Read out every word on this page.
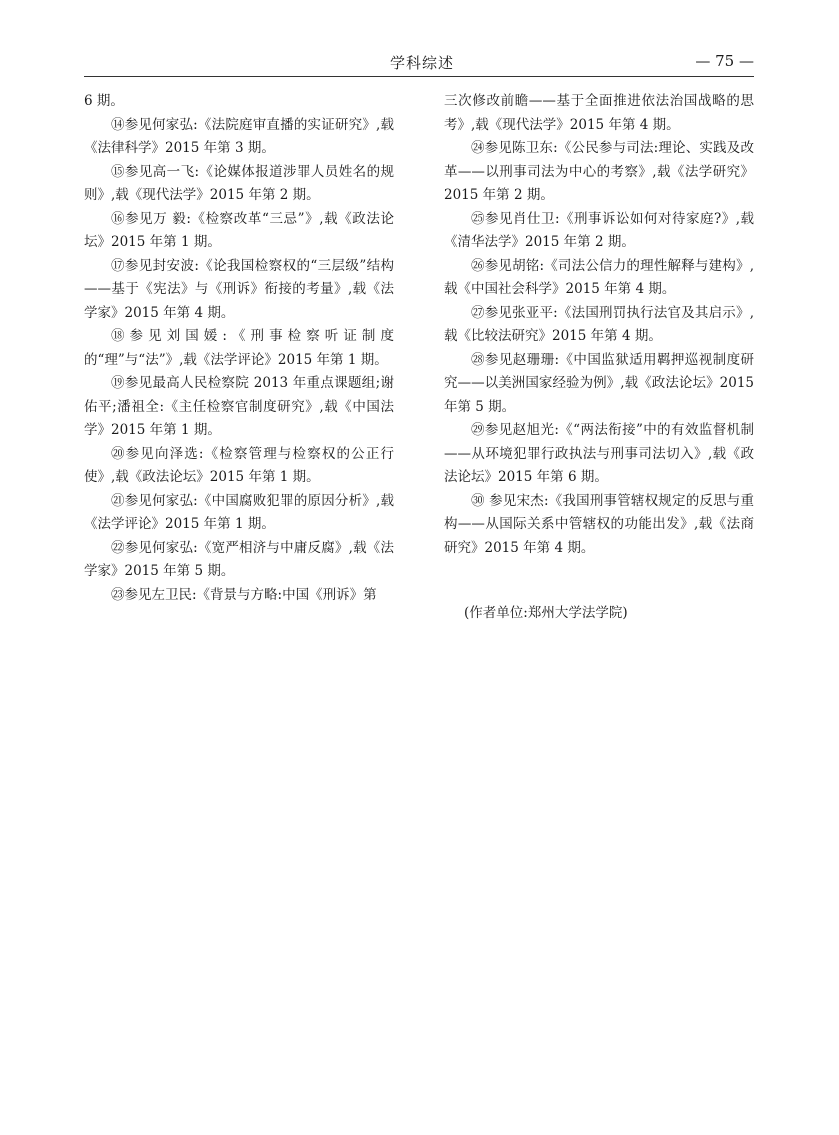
学科综述	— 75 —

6 期。

⑭参见何家弘:《法院庭审直播的实证研究》,载《法律科学》2015 年第 3 期。

⑮参见高一飞:《论媒体报道涉罪人员姓名的规则》,载《现代法学》2015 年第 2 期。

⑯参见万 毅:《检察改革“三忌”》,载《政法论坛》2015 年第 1 期。

⑰参见封安波:《论我国检察权的“三层级”结构——基于《宪法》与《刑诉》衔接的考量》,载《法学家》2015 年第 4 期。

⑱参见刘国媛:《刑事检察听证制度的“理”与“法”》,载《法学评论》2015 年第 1 期。

⑲参见最高人民检察院 2013 年重点课题组;谢佑平;潘祖全:《主任检察官制度研究》,载《中国法学》2015 年第 1 期。

⑳参见向泽选:《检察管理与检察权的公正行使》,载《政法论坛》2015 年第 1 期。

㉑参见何家弘:《中国腐败犯罪的原因分析》,载《法学评论》2015 年第 1 期。

㉒参见何家弘:《宽严相济与中庸反腐》,载《法学家》2015 年第 5 期。

㉓参见左卫民:《背景与方略:中国《刑诉》第

三次修改前瞻——基于全面推进依法治国战略的思考》,载《现代法学》2015 年第 4 期。

㉔参见陈卫东:《公民参与司法:理论、实践及改革——以刑事司法为中心的考察》,载《法学研究》2015 年第 2 期。

㉕参见肖仕卫:《刑事诉讼如何对待家庭?》,载《清华法学》2015 年第 2 期。

㉖参见胡铭:《司法公信力的理性解释与建构》,载《中国社会科学》2015 年第 4 期。

㉗参见张亚平:《法国刑罚执行法官及其启示》,载《比较法研究》2015 年第 4 期。

㉘参见赵珊珊:《中国监狱适用羁押巡视制度研究——以美洲国家经验为例》,载《政法论坛》2015 年第 5 期。

㉙参见赵旭光:《“两法衔接”中的有效监督机制——从环境犯罪行政执法与刑事司法切入》,载《政法论坛》2015 年第 6 期。

㉚ 参见宋杰:《我国刑事管辖权规定的反思与重构——从国际关系中管辖权的功能出发》,载《法商研究》2015 年第 4 期。

(作者单位:郑州大学法学院)
